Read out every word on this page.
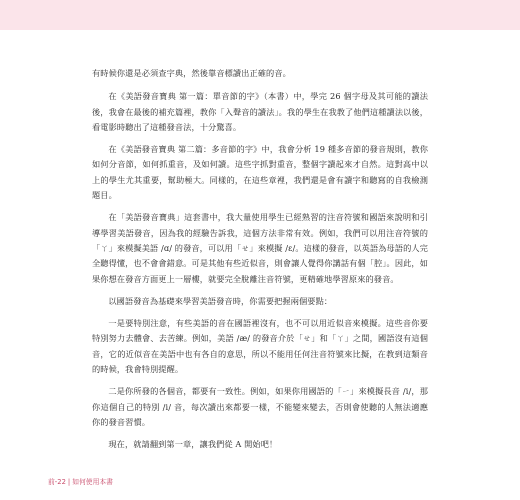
有時候你還是必須查字典，然後靠音標讀出正確的音。

在《美語發音寶典 第一篇：單音節的字》（本書）中，學完 26 個字母及其可能的讀法後，我會在最後的補充篇裡，教你「入聲音的讀法」。我的學生在我教了他們這種讀法以後，看電影時聽出了這種發音法，十分驚喜。

在《美語發音寶典 第二篇：多音節的字》中，我會分析 19 種多音節的發音規則，教你如何分音節，如何抓重音，及如何讀。這些字抓對重音，整個字讀起來才自然。這對高中以上的學生尤其重要，幫助極大。同樣的，在這些章裡，我們還是會有讀字和聽寫的自我檢測題目。

在「美語發音寶典」這套書中，我大量使用學生已經熟習的注音符號和國語來說明和引導學習美語發音，因為我的經驗告訴我，這個方法非常有效。例如，我們可以用注音符號的「ㄚ」來模擬美語 /ɑ/ 的發音，可以用「ㄝ」來模擬 /ɛ/。這樣的發音，以英語為母語的人完全聽得懂，也不會會錯意。可是其他有些近似音，則會讓人覺得你講話有個「腔」。因此，如果你想在發音方面更上一層樓，就要完全脫離注音符號，更精確地學習原來的發音。

以國語發音為基礎來學習美語發音時，你需要把握兩個要點：

一是要特別注意，有些美語的音在國語裡沒有，也不可以用近似音來模擬。這些音你要特別努力去體會、去苦練。例如，美語 /æ/ 的發音介於「ㄝ」和「ㄚ」之間，國語沒有這個音，它的近似音在美語中也有各自的意思，所以不能用任何注音符號來比擬，在教到這類音的時候，我會特別提醒。

二是你所發的各個音，都要有一致性。例如，如果你用國語的「ㄧ」來模擬長音 /i/，那你這個自己的特別 /i/ 音，每次讀出來都要一樣，不能變來變去，否則會使聽的人無法適應你的發音習慣。

現在，就請翻到第一章，讓我們從 A 開始吧！

前-22 | 如何使用本書
